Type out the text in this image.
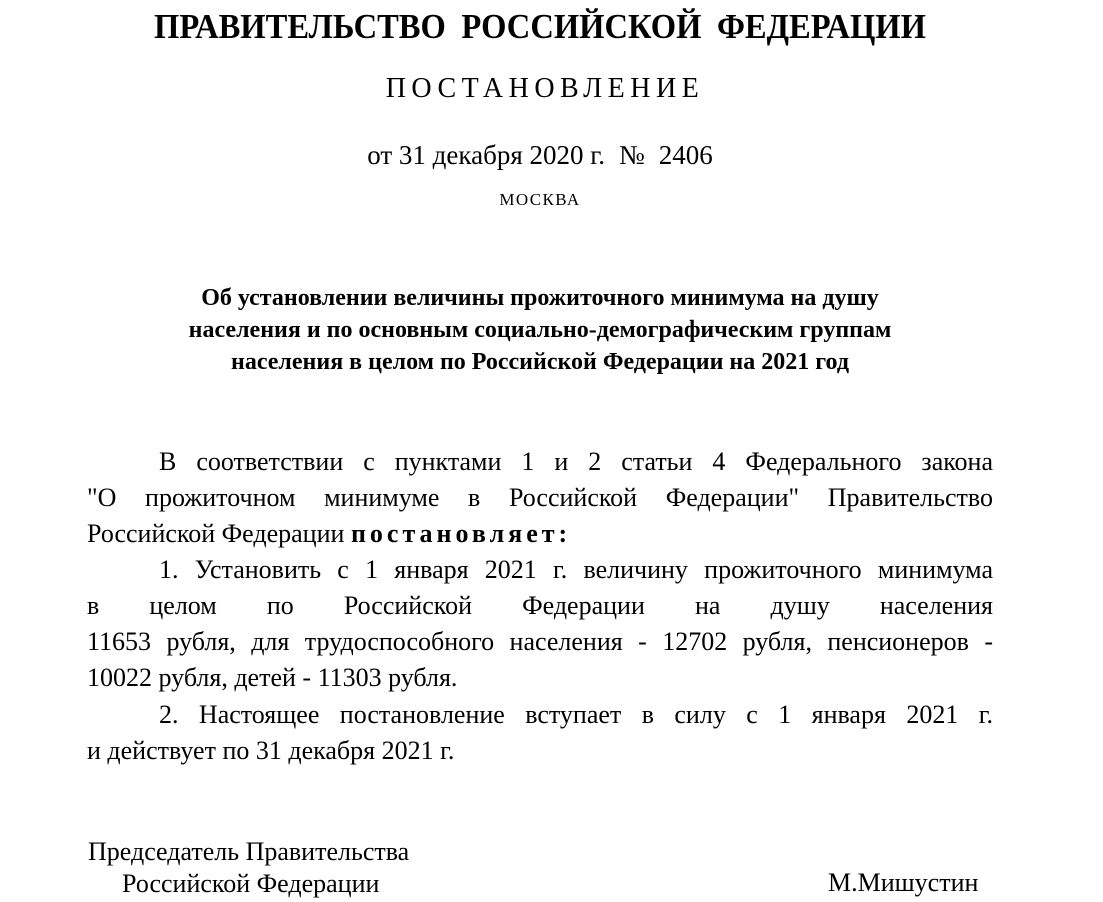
ПРАВИТЕЛЬСТВО РОССИЙСКОЙ ФЕДЕРАЦИИ
ПОСТАНОВЛЕНИЕ
от 31 декабря 2020 г. № 2406
МОСКВА
Об установлении величины прожиточного минимума на душу
населения и по основным социально-демографическим группам
населения в целом по Российской Федерации на 2021 год
В соответствии с пунктами 1 и 2 статьи 4 Федерального закона
"О прожиточном минимуме в Российской Федерации" Правительство
Российской Федерации постановляет:
1. Установить с 1 января 2021 г. величину прожиточного минимума
в целом по Российской Федерации на душу населения
11653 рубля, для трудоспособного населения - 12702 рубля, пенсионеров -
10022 рубля, детей - 11303 рубля.
2. Настоящее постановление вступает в силу с 1 января 2021 г.
и действует по 31 декабря 2021 г.
Председатель Правительства
Российской Федерации	М.Мишустин
